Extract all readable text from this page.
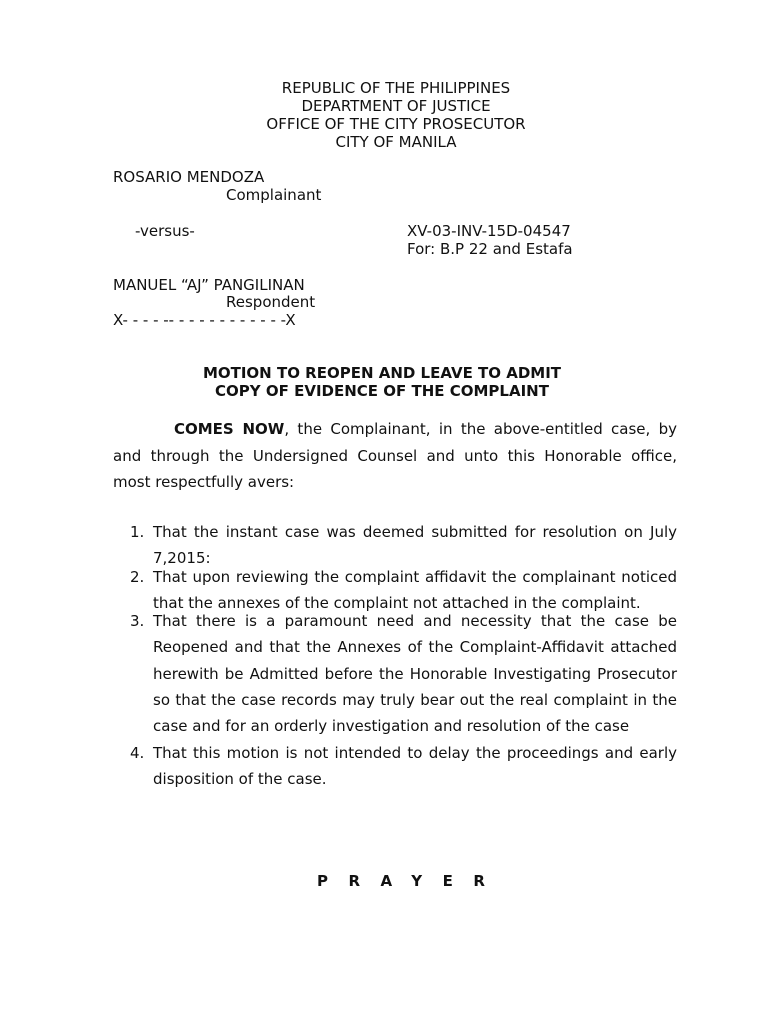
REPUBLIC OF THE PHILIPPINES
DEPARTMENT OF JUSTICE
OFFICE OF THE CITY PROSECUTOR
CITY OF MANILA
ROSARIO MENDOZA
Complainant
-versus-	XV-03-INV-15D-04547
For: B.P 22 and Estafa
MANUEL “AJ” PANGILINAN
Respondent
X- - - - -- - - - - - - - - - - -X
MOTION TO REOPEN AND LEAVE TO ADMIT
COPY OF EVIDENCE OF THE COMPLAINT
COMES NOW, the Complainant, in the above-entitled case, by and through the Undersigned Counsel and unto this Honorable office, most respectfully avers:
1. That the instant case was deemed submitted for resolution on July 7,2015:
2. That upon reviewing the complaint affidavit the complainant noticed that the annexes of the complaint not attached in the complaint.
3. That there is a paramount need and necessity that the case be Reopened and that the Annexes of the Complaint-Affidavit attached herewith be Admitted before the Honorable Investigating Prosecutor so that the case records may truly bear out the real complaint in the case and for an orderly investigation and resolution of the case
4. That this motion is not intended to delay the proceedings and early disposition of the case.
PRAYER
